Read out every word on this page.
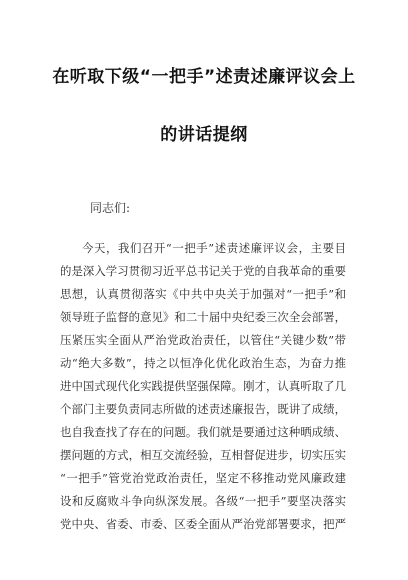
在听取下级“一把手”述责述廉评议会上
的讲话提纲
同志们:
今天，我们召开“一把手”述责述廉评议会，主要目
的是深入学习贯彻习近平总书记关于党的自我革命的重要
思想，认真贯彻落实《中共中央关于加强对“一把手”和
领导班子监督的意见》和二十届中央纪委三次全会部署，
压紧压实全面从严治党政治责任，以管住“关键少数”带
动“绝大多数”，持之以恒净化优化政治生态，为奋力推
进中国式现代化实践提供坚强保障。刚才，认真听取了几
个部门主要负责同志所做的述责述廉报告，既讲了成绩，
也自我查找了存在的问题。我们就是要通过这种晒成绩、
摆问题的方式，相互交流经验，互相督促进步，切实压实
“一把手”管党治党政治责任，坚定不移推动党风廉政建
设和反腐败斗争向纵深发展。各级“一把手”要坚决落实
党中央、省委、市委、区委全面从严治党部署要求，把严
